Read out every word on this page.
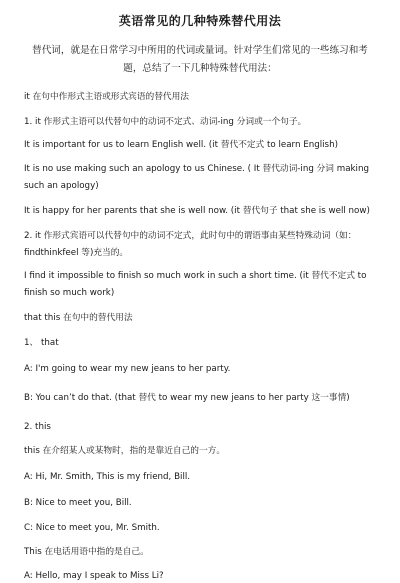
英语常见的几种特殊替代用法
替代词，就是在日常学习中所用的代词或量词。针对学生们常见的一些练习和考题，总结了一下几种特殊替代用法：
it 在句中作形式主语或形式宾语的替代用法
1. it 作形式主语可以代替句中的动词不定式、动词-ing 分词或一个句子。
It is important for us to learn English well. (it 替代不定式 to learn English)
It is no use making such an apology to us Chinese. ( It 替代动词-ing 分词 making such an apology)
It is happy for her parents that she is well now. (it 替代句子 that she is well now)
2. it 作形式宾语可以代替句中的动词不定式，此时句中的谓语事由某些特殊动词（如：findthinkfeel 等)充当的。
I find it impossible to finish so much work in such a short time. (it 替代不定式 to finish so much work)
that this 在句中的替代用法
1、 that
A: I'm going to wear my new jeans to her party.
B: You can’t do that. (that 替代 to wear my new jeans to her party 这一事情)
2. this
this 在介绍某人或某物时，指的是靠近自己的一方。
A: Hi, Mr. Smith, This is my friend, Bill.
B: Nice to meet you, Bill.
C: Nice to meet you, Mr. Smith.
This 在电话用语中指的是自己。
A: Hello, may I speak to Miss Li?
